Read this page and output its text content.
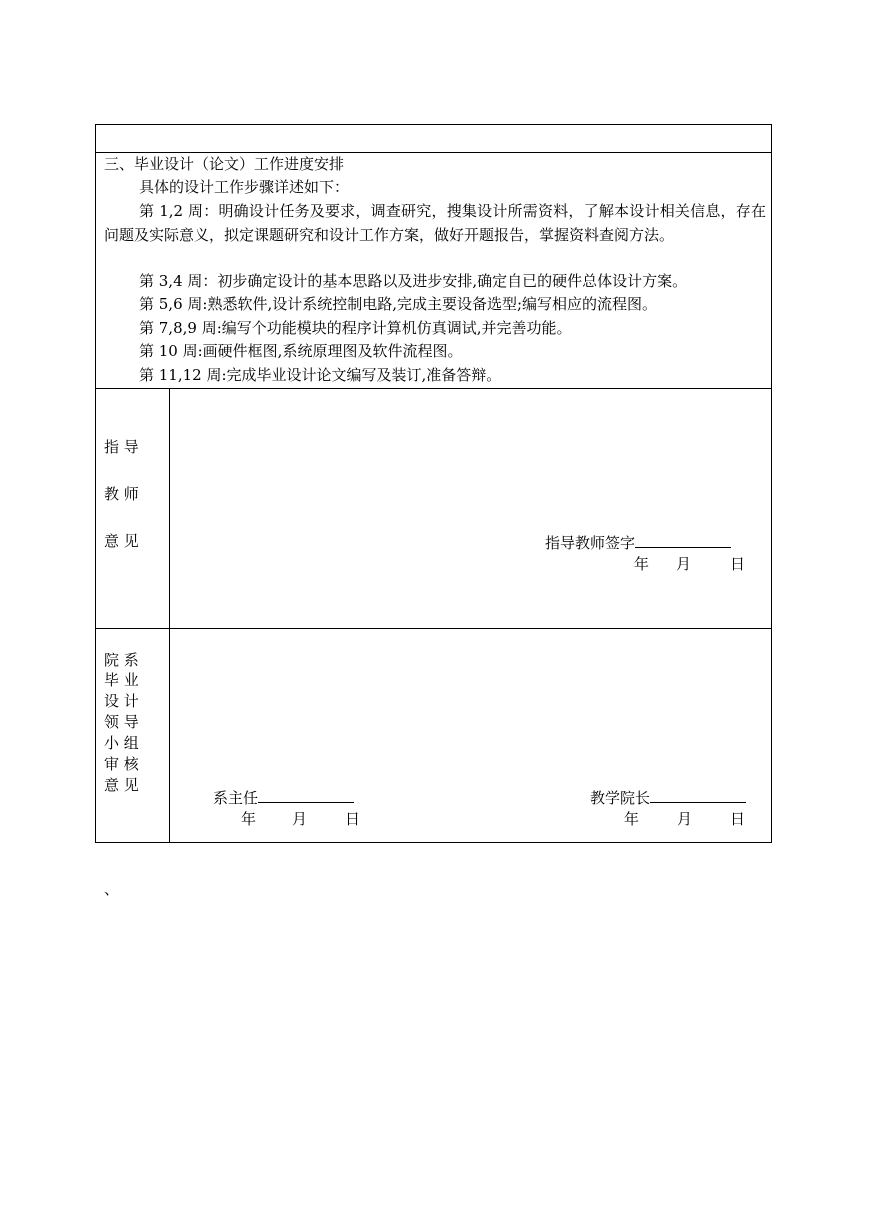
三、毕业设计（论文）工作进度安排
具体的设计工作步骤详述如下：
第 1,2 周：明确设计任务及要求，调查研究，搜集设计所需资料，了解本设计相关信息，存在问题及实际意义，拟定课题研究和设计工作方案，做好开题报告，掌握资料查阅方法。
第 3,4 周：初步确定设计的基本思路以及进步安排,确定自已的硬件总体设计方案。
第 5,6 周:熟悉软件,设计系统控制电路,完成主要设备选型;编写相应的流程图。
第 7,8,9 周:编写个功能模块的程序计算机仿真调试,并完善功能。
第 10 周:画硬件框图,系统原理图及软件流程图。
第 11,12 周:完成毕业设计论文编写及装订,准备答辩。
指 导
教 师
意 见	指导教师签字
年 月	日
院 系
毕 业
设 计
领 导
小 组
审 核
意 见
系主任
年 月	日
教学院长
年	月	日
、
